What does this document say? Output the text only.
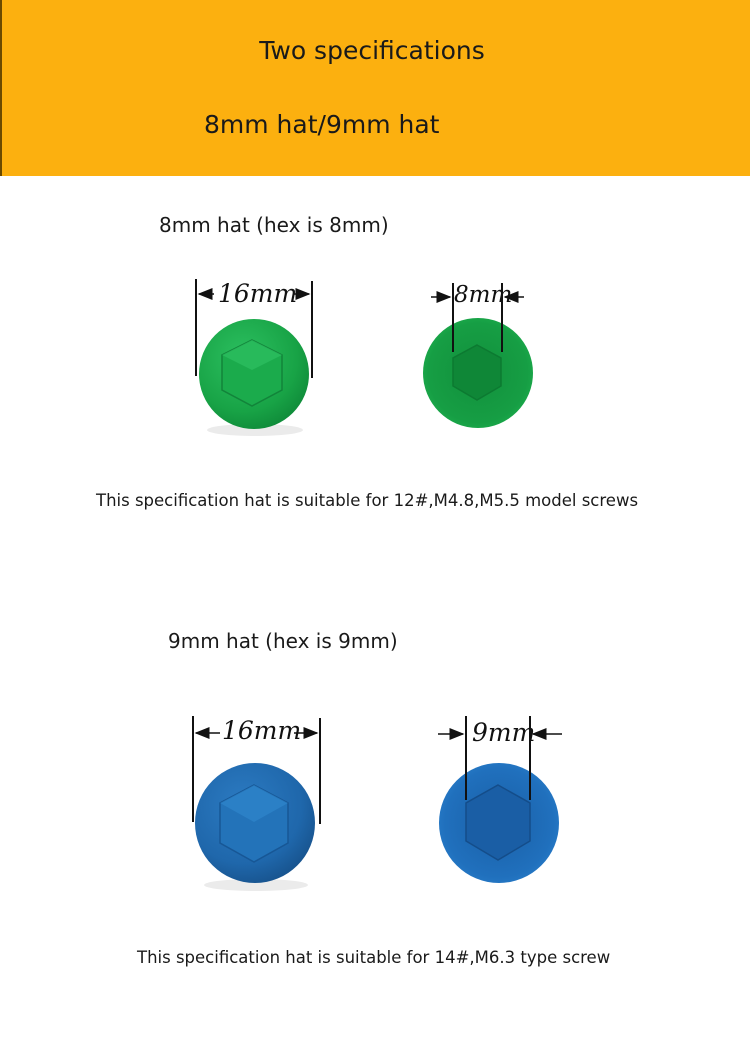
Two specifications
8mm hat/9mm hat
8mm hat (hex is 8mm)
16mm	8mm
This specification hat is suitable for 12#,M4.8,M5.5 model screws
9mm hat (hex is 9mm)
16mm	9mm
This specification hat is suitable for 14#,M6.3 type screw
